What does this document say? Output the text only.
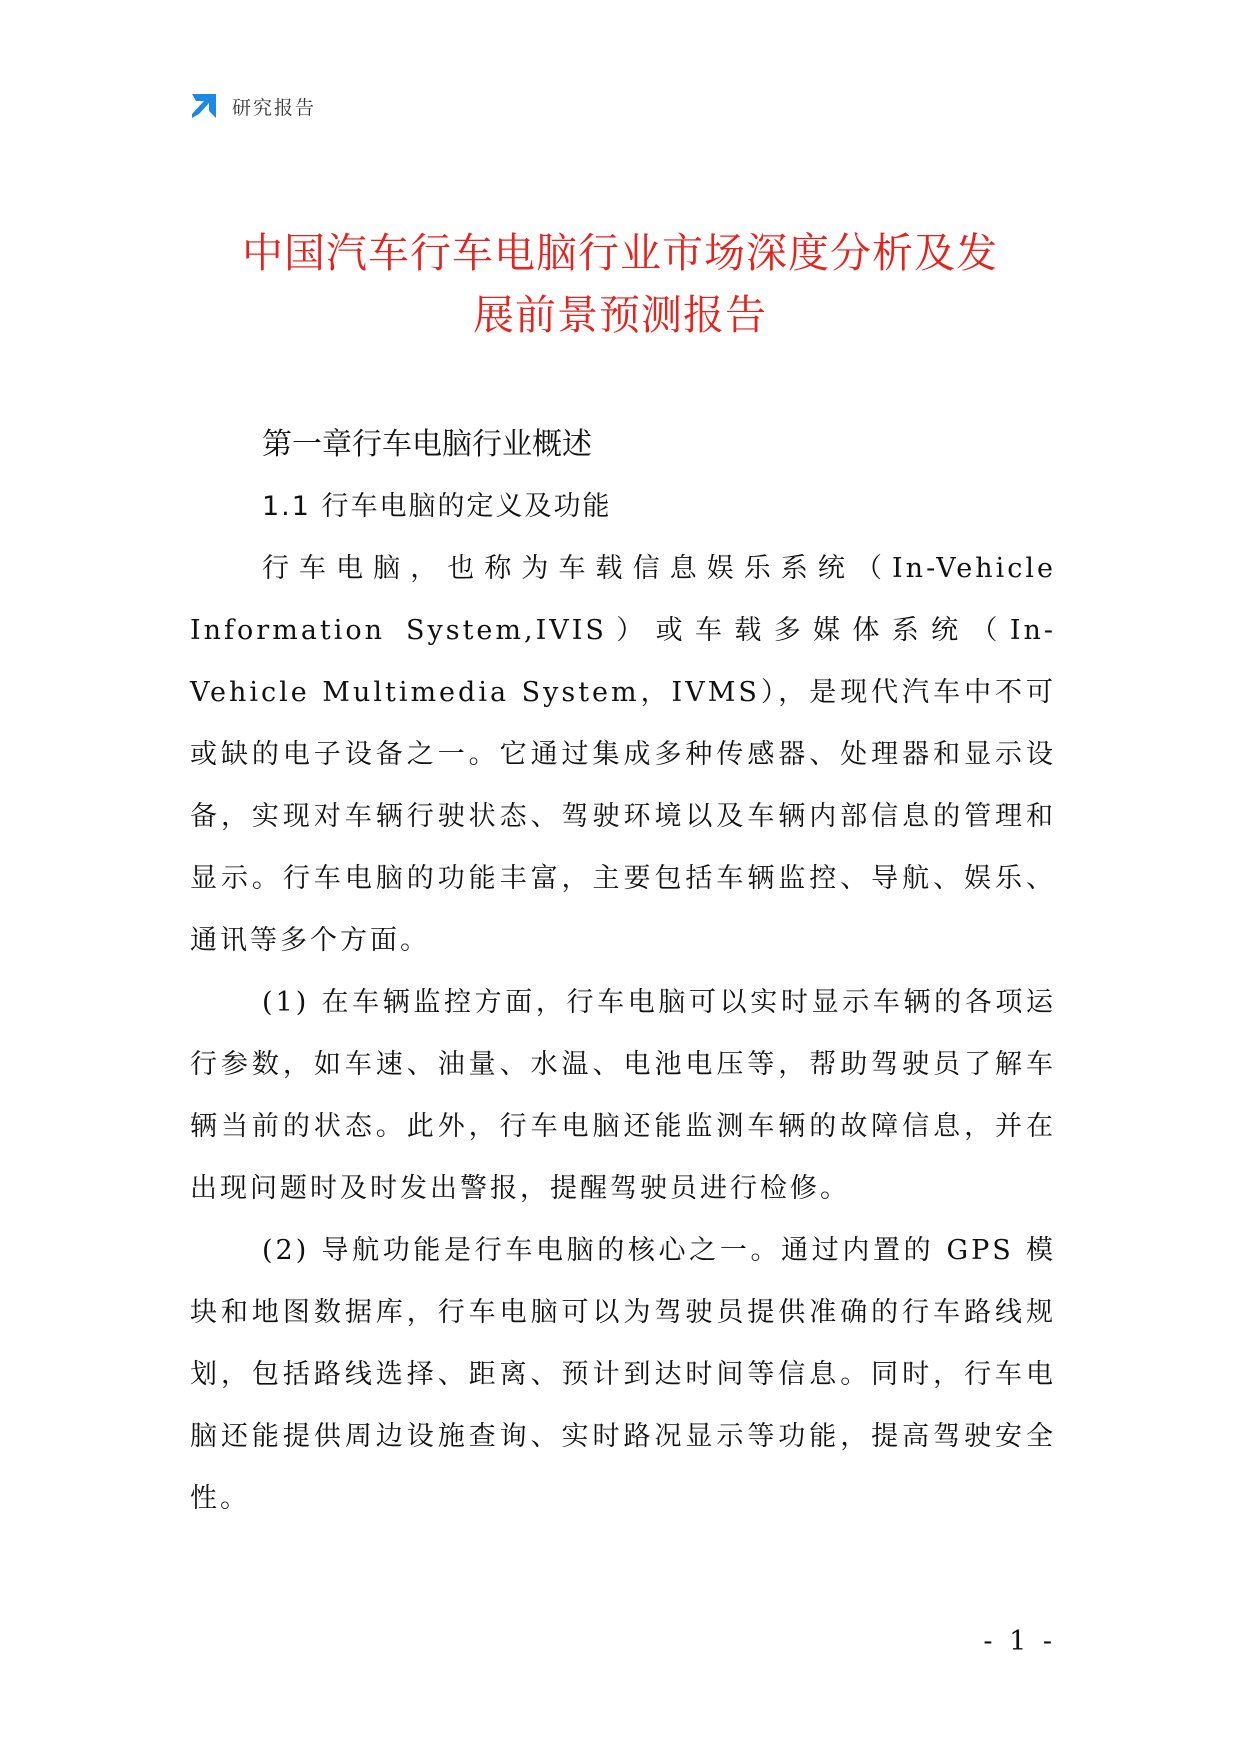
研究报告
中国汽车行车电脑行业市场深度分析及发
展前景预测报告
第一章行车电脑行业概述
1.1 行车电脑的定义及功能

行车电脑，也称为车载信息娱乐系统（In-Vehicle Information System,IVIS）或车载多媒体系统（In-Vehicle Multimedia System，IVMS），是现代汽车中不可或缺的电子设备之一。它通过集成多种传感器、处理器和显示设备，实现对车辆行驶状态、驾驶环境以及车辆内部信息的管理和显示。行车电脑的功能丰富，主要包括车辆监控、导航、娱乐、通讯等多个方面。

(1) 在车辆监控方面，行车电脑可以实时显示车辆的各项运行参数，如车速、油量、水温、电池电压等，帮助驾驶员了解车辆当前的状态。此外，行车电脑还能监测车辆的故障信息，并在出现问题时及时发出警报，提醒驾驶员进行检修。

(2) 导航功能是行车电脑的核心之一。通过内置的 GPS 模块和地图数据库，行车电脑可以为驾驶员提供准确的行车路线规划，包括路线选择、距离、预计到达时间等信息。同时，行车电脑还能提供周边设施查询、实时路况显示等功能，提高驾驶安全性。

- 1 -
